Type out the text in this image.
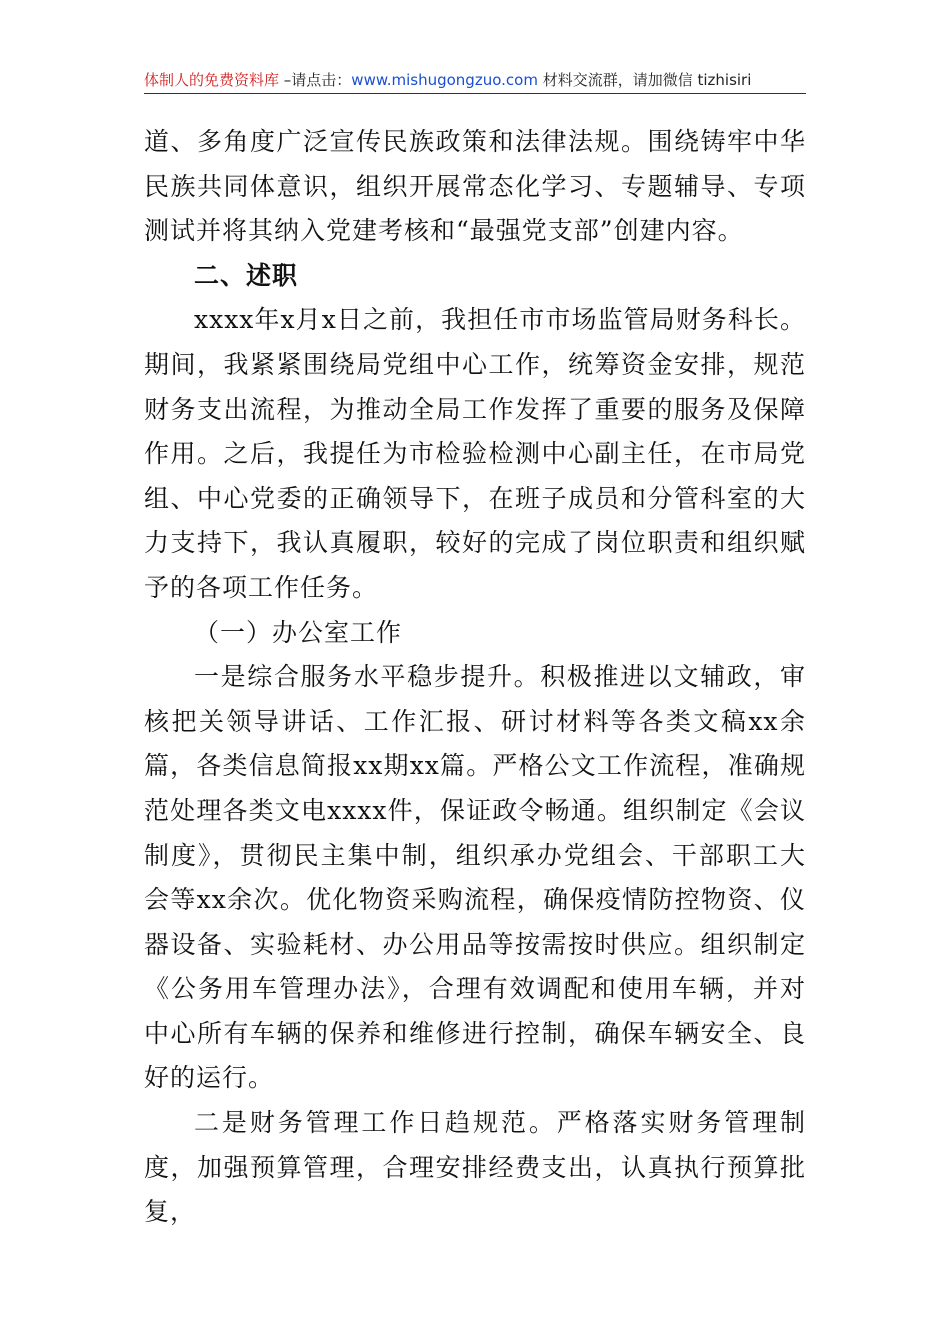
体制人的免费资料库 –请点击：www.mishugongzuo.com 材料交流群，请加微信 tizhisiri

道、多角度广泛宣传民族政策和法律法规。围绕铸牢中华民族共同体意识，组织开展常态化学习、专题辅导、专项测试并将其纳入党建考核和“最强党支部”创建内容。

二、述职

xxxx年x月x日之前，我担任市市场监管局财务科长。期间，我紧紧围绕局党组中心工作，统筹资金安排，规范财务支出流程，为推动全局工作发挥了重要的服务及保障作用。之后，我提任为市检验检测中心副主任，在市局党组、中心党委的正确领导下，在班子成员和分管科室的大力支持下，我认真履职，较好的完成了岗位职责和组织赋予的各项工作任务。

（一）办公室工作

一是综合服务水平稳步提升。积极推进以文辅政，审核把关领导讲话、工作汇报、研讨材料等各类文稿xx余篇，各类信息简报xx期xx篇。严格公文工作流程，准确规范处理各类文电xxxx件，保证政令畅通。组织制定《会议制度》，贯彻民主集中制，组织承办党组会、干部职工大会等xx余次。优化物资采购流程，确保疫情防控物资、仪器设备、实验耗材、办公用品等按需按时供应。组织制定《公务用车管理办法》，合理有效调配和使用车辆，并对中心所有车辆的保养和维修进行控制，确保车辆安全、良好的运行。

二是财务管理工作日趋规范。严格落实财务管理制度，加强预算管理，合理安排经费支出，认真执行预算批复，
